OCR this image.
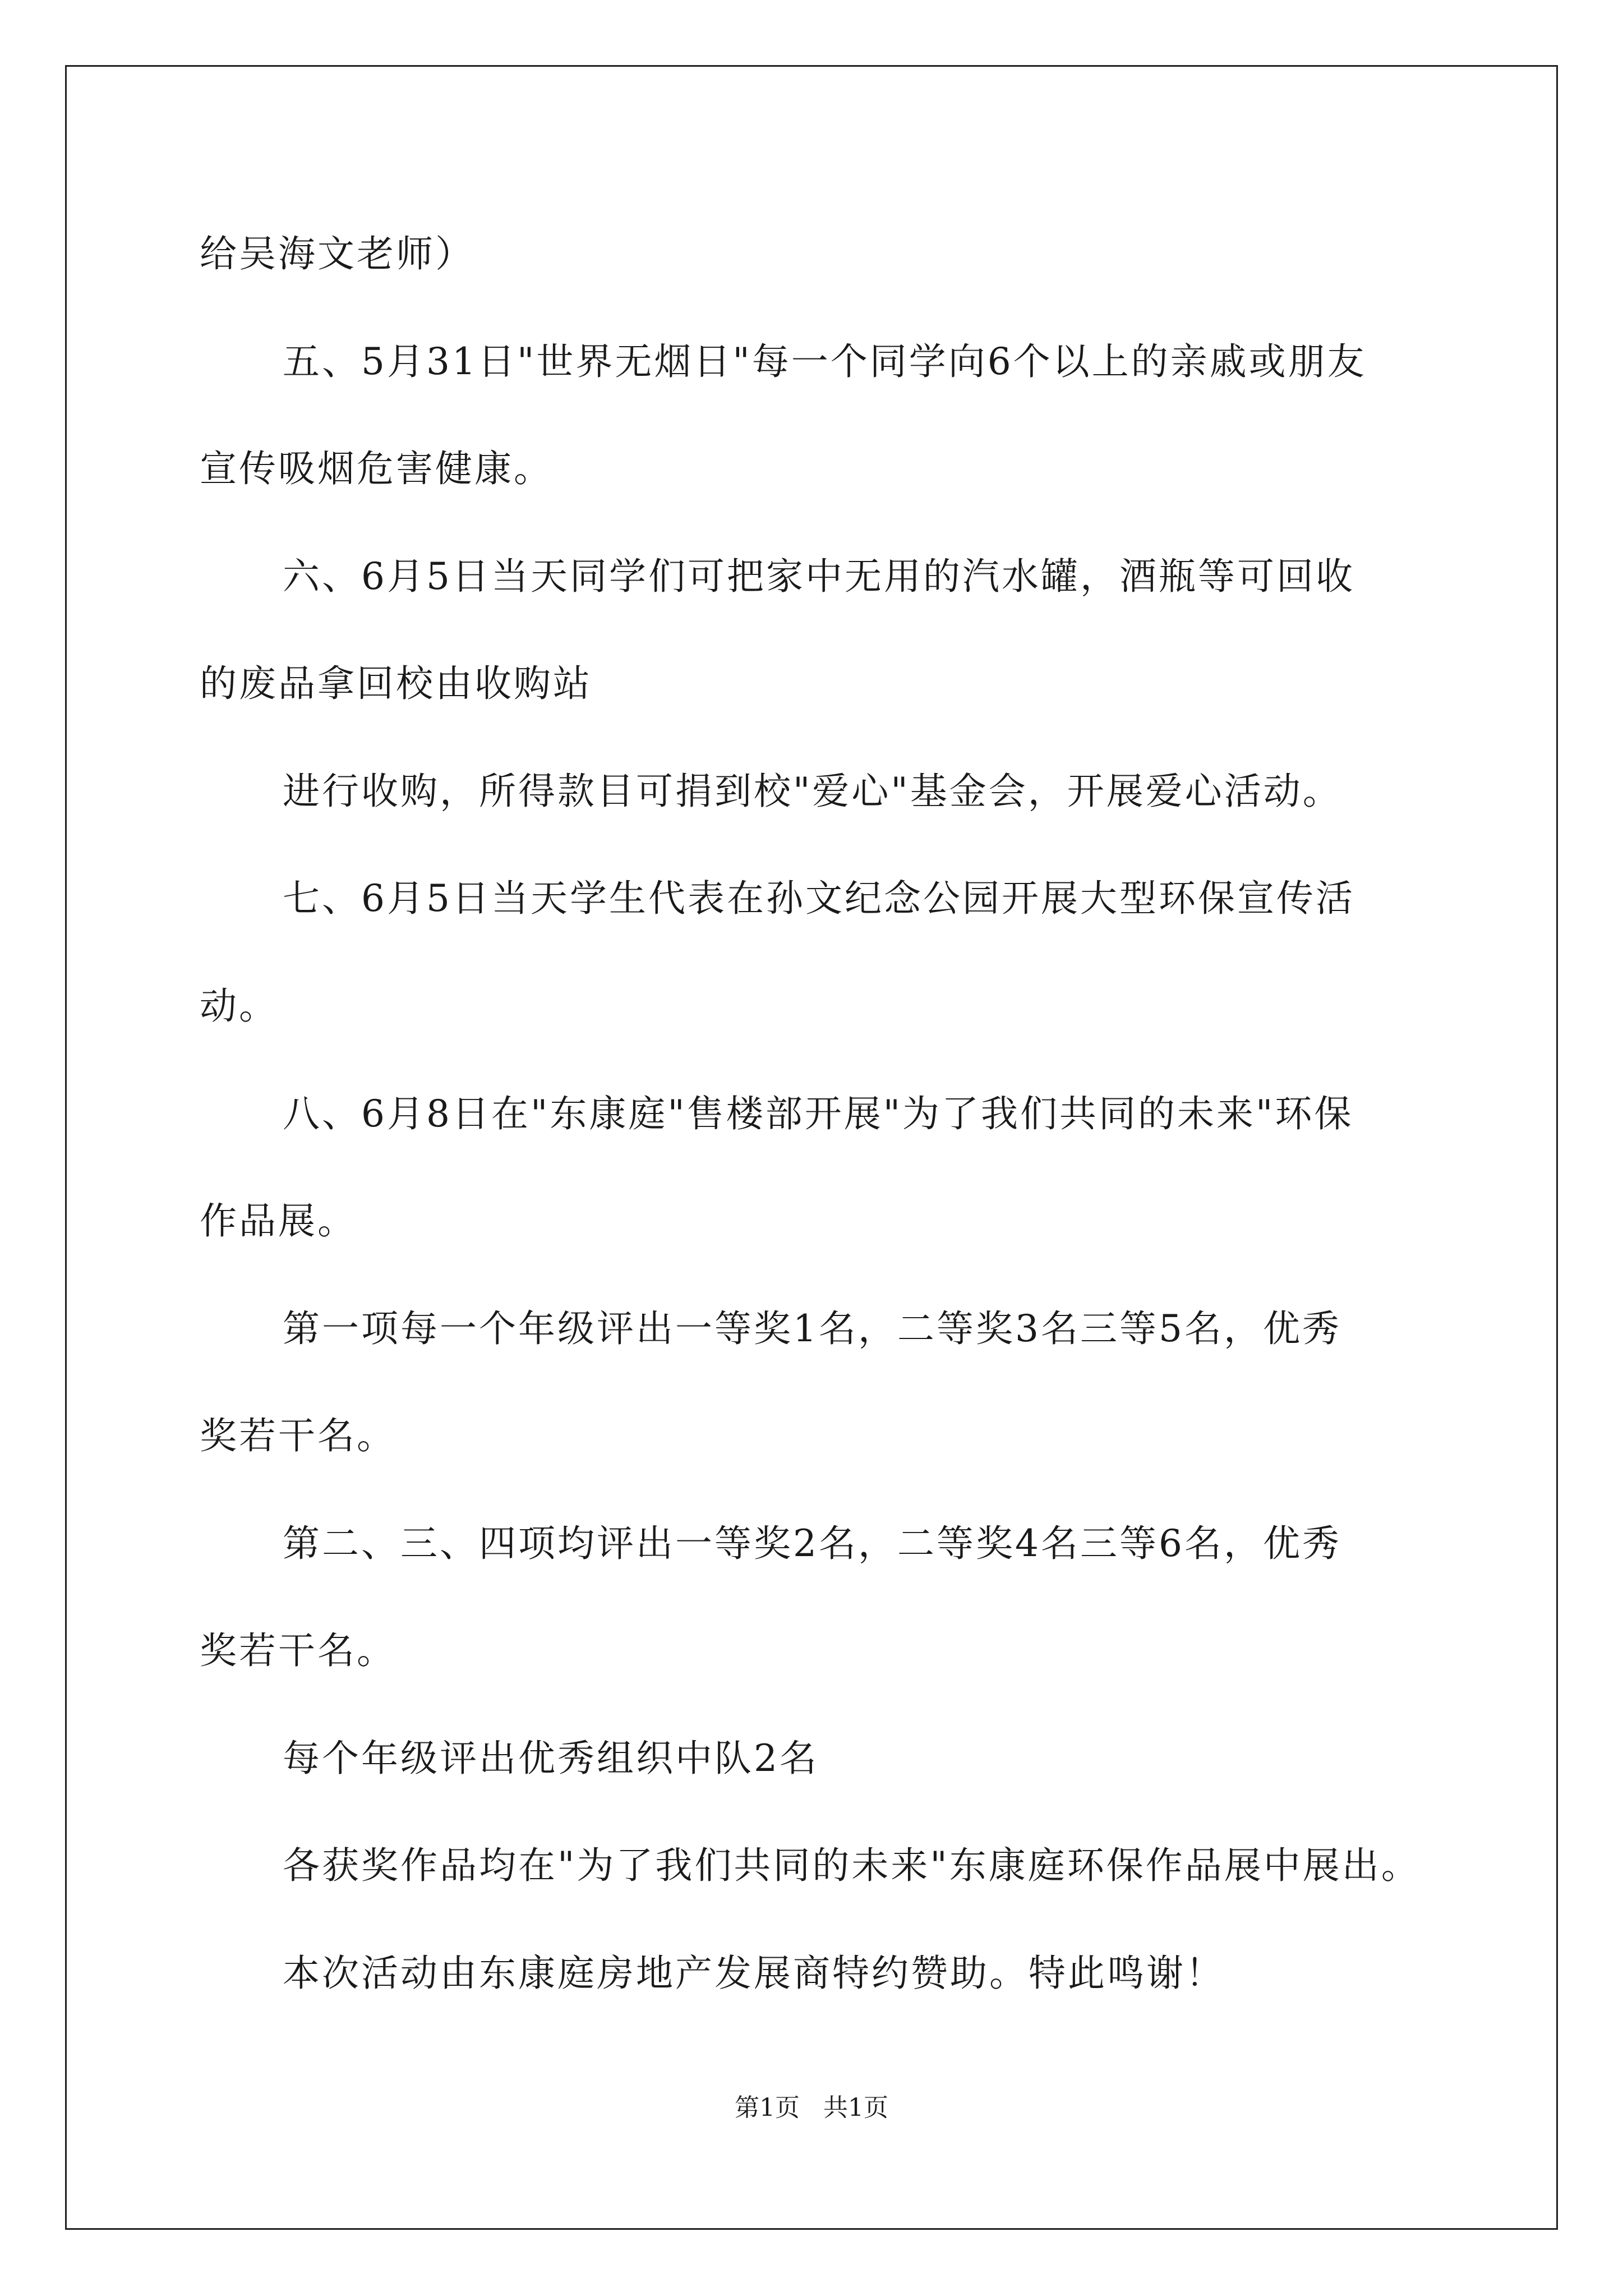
给吴海文老师）
五、5月31日"世界无烟日"每一个同学向6个以上的亲戚或朋友
宣传吸烟危害健康。
六、6月5日当天同学们可把家中无用的汽水罐，酒瓶等可回收
的废品拿回校由收购站
进行收购，所得款目可捐到校"爱心"基金会，开展爱心活动。
七、6月5日当天学生代表在孙文纪念公园开展大型环保宣传活
动。
八、6月8日在"东康庭"售楼部开展"为了我们共同的未来"环保
作品展。
第一项每一个年级评出一等奖1名，二等奖3名三等5名，优秀
奖若干名。
第二、三、四项均评出一等奖2名，二等奖4名三等6名，优秀
奖若干名。
每个年级评出优秀组织中队2名
各获奖作品均在"为了我们共同的未来"东康庭环保作品展中展出。
本次活动由东康庭房地产发展商特约赞助。特此鸣谢！
第1页   共1页
